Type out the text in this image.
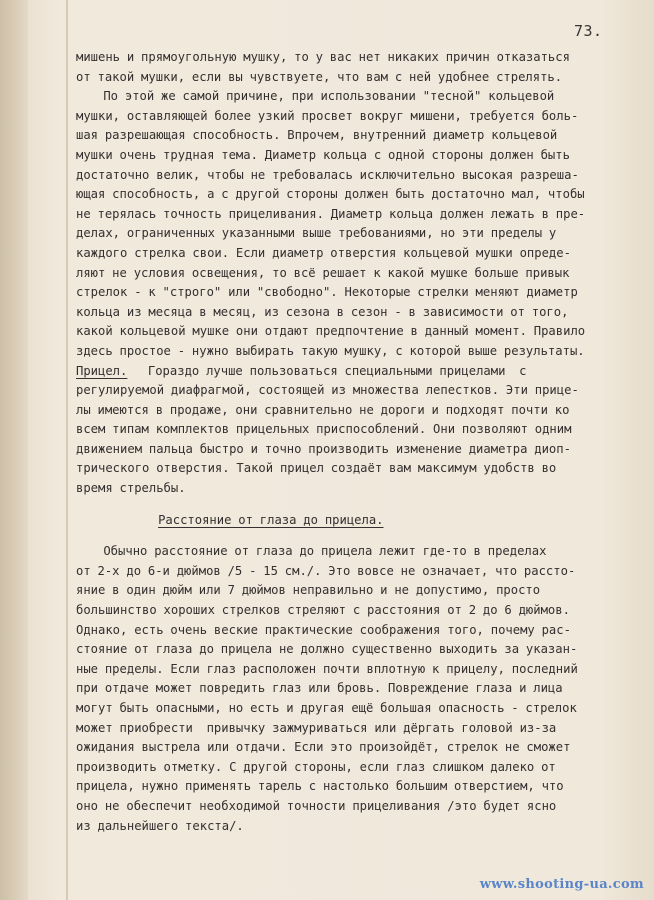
73.
мишень и прямоугольную мушку, то у вас нет никаких причин отказаться
от такой мушки, если вы чувствуете, что вам с ней удобнее стрелять.
По этой же самой причине, при использовании "тесной" кольцевой
мушки, оставляющей более узкий просвет вокруг мишени, требуется боль-
шая разрешающая способность. Впрочем, внутренний диаметр кольцевой
мушки очень трудная тема. Диаметр кольца с одной стороны должен быть
достаточно велик, чтобы не требовалась исключительно высокая разреша-
ющая способность, а с другой стороны должен быть достаточно мал, чтобы
не терялась точность прицеливания. Диаметр кольца должен лежать в пре-
делах, ограниченных указанными выше требованиями, но эти пределы у
каждого стрелка свои. Если диаметр отверстия кольцевой мушки опреде-
ляют не условия освещения, то всё решает к какой мушке больше привык
стрелок - к "строго" или "свободно". Некоторые стрелки меняют диаметр
кольца из месяца в месяц, из сезона в сезон - в зависимости от того,
какой кольцевой мушке они отдают предпочтение в данный момент. Правило
здесь простое - нужно выбирать такую мушку, с которой выше результаты.
Прицел.   Гораздо лучше пользоваться специальными прицелами  с
регулируемой диафрагмой, состоящей из множества лепестков. Эти прице-
лы имеются в продаже, они сравнительно не дороги и подходят почти ко
всем типам комплектов прицельных приспособлений. Они позволяют одним
движением пальца быстро и точно производить изменение диаметра диоп-
трического отверстия. Такой прицел создаёт вам максимум удобств во
время стрельбы.
Расстояние от глаза до прицела.
Обычно расстояние от глаза до прицела лежит где-то в пределах
от 2-х до 6-и дюймов /5 - 15 см./. Это вовсе не означает, что рассто-
яние в один дюйм или 7 дюймов неправильно и не допустимо, просто
большинство хороших стрелков стреляют с расстояния от 2 до 6 дюймов.
Однако, есть очень веские практические соображения того, почему рас-
стояние от глаза до прицела не должно существенно выходить за указан-
ные пределы. Если глаз расположен почти вплотную к прицелу, последний
при отдаче может повредить глаз или бровь. Повреждение глаза и лица
могут быть опасными, но есть и другая ещё большая опасность - стрелок
может приобрести  привычку зажмуриваться или дёргать головой из-за
ожидания выстрела или отдачи. Если это произойдёт, стрелок не сможет
производить отметку. С другой стороны, если глаз слишком далеко от
прицела, нужно применять тарель с настолько большим отверстием, что
оно не обеспечит необходимой точности прицеливания /это будет ясно
из дальнейшего текста/.
www.shooting-ua.com
